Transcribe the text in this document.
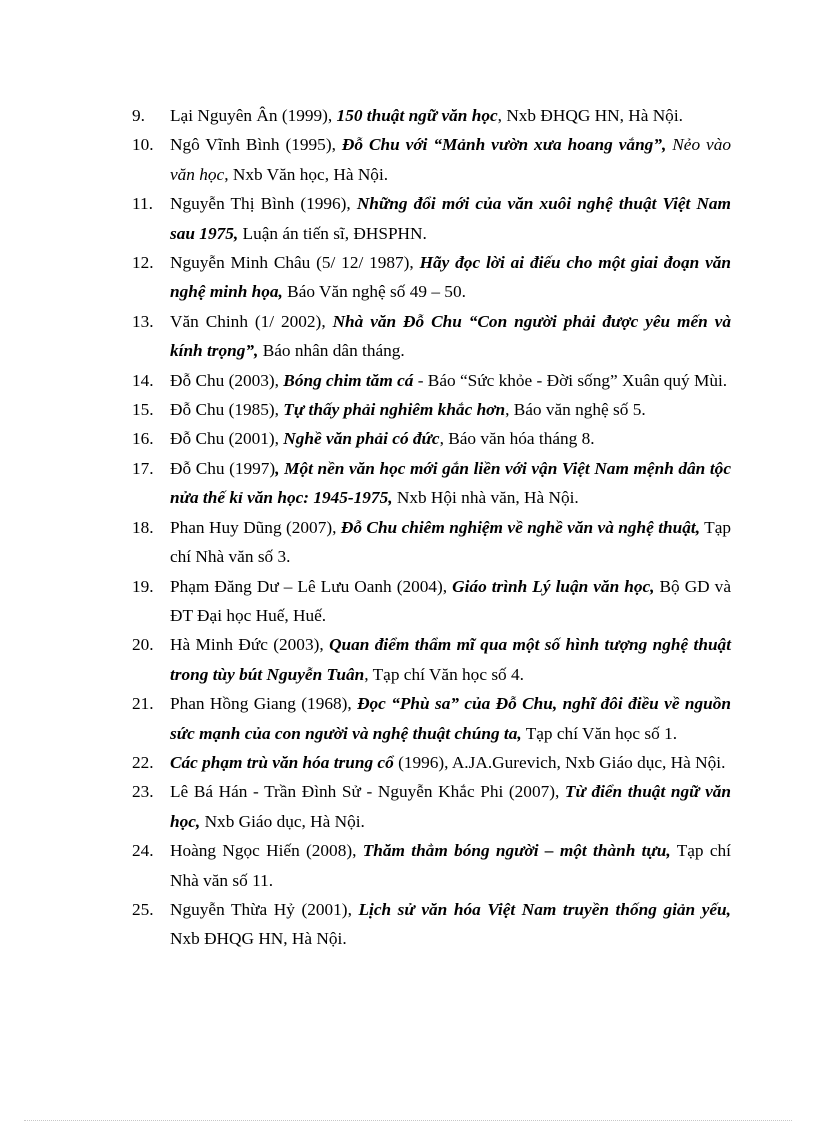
9. Lại Nguyên Ân (1999), 150 thuật ngữ văn học, Nxb ĐHQG HN, Hà Nội.
10. Ngô Vĩnh Bình (1995), Đỗ Chu với “Mảnh vườn xưa hoang vắng”, Nẻo vào văn học, Nxb Văn học, Hà Nội.
11. Nguyễn Thị Bình (1996), Những đổi mới của văn xuôi nghệ thuật Việt Nam sau 1975, Luận án tiến sĩ, ĐHSPHN.
12. Nguyễn Minh Châu (5/ 12/ 1987), Hãy đọc lời ai điếu cho một giai đoạn văn nghệ minh họa, Báo Văn nghệ số 49 – 50.
13. Văn Chinh (1/ 2002), Nhà văn Đỗ Chu “Con người phải được yêu mến và kính trọng”, Báo nhân dân tháng.
14. Đỗ Chu (2003), Bóng chim tăm cá - Báo “Sức khỏe - Đời sống” Xuân quý Mùi.
15. Đỗ Chu (1985), Tự thấy phải nghiêm khắc hơn, Báo văn nghệ số 5.
16. Đỗ Chu (2001), Nghề văn phải có đức, Báo văn hóa tháng 8.
17. Đỗ Chu (1997), Một nền văn học mới gắn liền với vận Việt Nam mệnh dân tộc nửa thế kỉ văn học: 1945-1975, Nxb Hội nhà văn, Hà Nội.
18. Phan Huy Dũng (2007), Đỗ Chu chiêm nghiệm về nghề văn và nghệ thuật, Tạp chí Nhà văn số 3.
19. Phạm Đăng Dư – Lê Lưu Oanh (2004), Giáo trình Lý luận văn học, Bộ GD và ĐT Đại học Huế, Huế.
20. Hà Minh Đức (2003), Quan điểm thẩm mĩ qua một số hình tượng nghệ thuật trong tùy bút Nguyễn Tuân, Tạp chí Văn học số 4.
21. Phan Hồng Giang (1968), Đọc “Phù sa” của Đỗ Chu, nghĩ đôi điều về nguồn sức mạnh của con người và nghệ thuật chúng ta, Tạp chí Văn học số 1.
22. Các phạm trù văn hóa trung cổ (1996), A.JA.Gurevich, Nxb Giáo dục, Hà Nội.
23. Lê Bá Hán - Trần Đình Sử - Nguyễn Khắc Phi (2007), Từ điển thuật ngữ văn học, Nxb Giáo dục, Hà Nội.
24. Hoàng Ngọc Hiến (2008), Thăm thẳm bóng người – một thành tựu, Tạp chí Nhà văn số 11.
25. Nguyễn Thừa Hỷ (2001), Lịch sử văn hóa Việt Nam truyền thống giản yếu, Nxb ĐHQG HN, Hà Nội.
